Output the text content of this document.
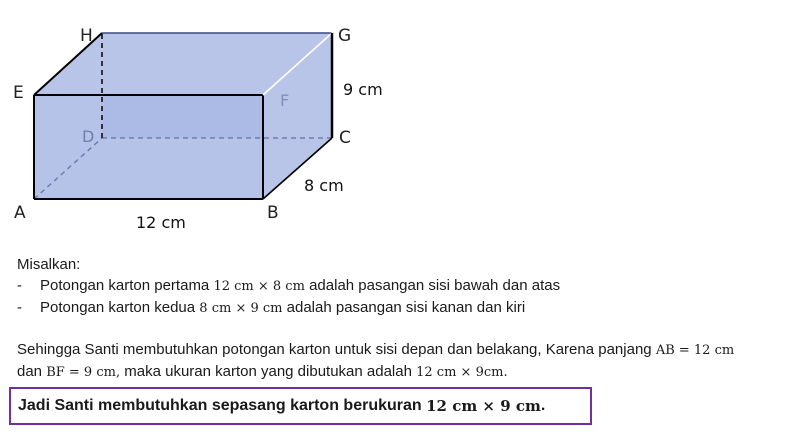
H	G
E	F
D	C
A	B
9 cm
8 cm
12 cm
Misalkan:
-	Potongan karton pertama 12 cm × 8 cm adalah pasangan sisi bawah dan atas
-	Potongan karton kedua 8 cm × 9 cm adalah pasangan sisi kanan dan kiri
Sehingga Santi membutuhkan potongan karton untuk sisi depan dan belakang, Karena panjang AB = 12 cm
dan BF = 9 cm, maka ukuran karton yang dibutukan adalah 12 cm × 9cm.
Jadi Santi membutuhkan sepasang karton berukuran
12 cm × 9 cm .
